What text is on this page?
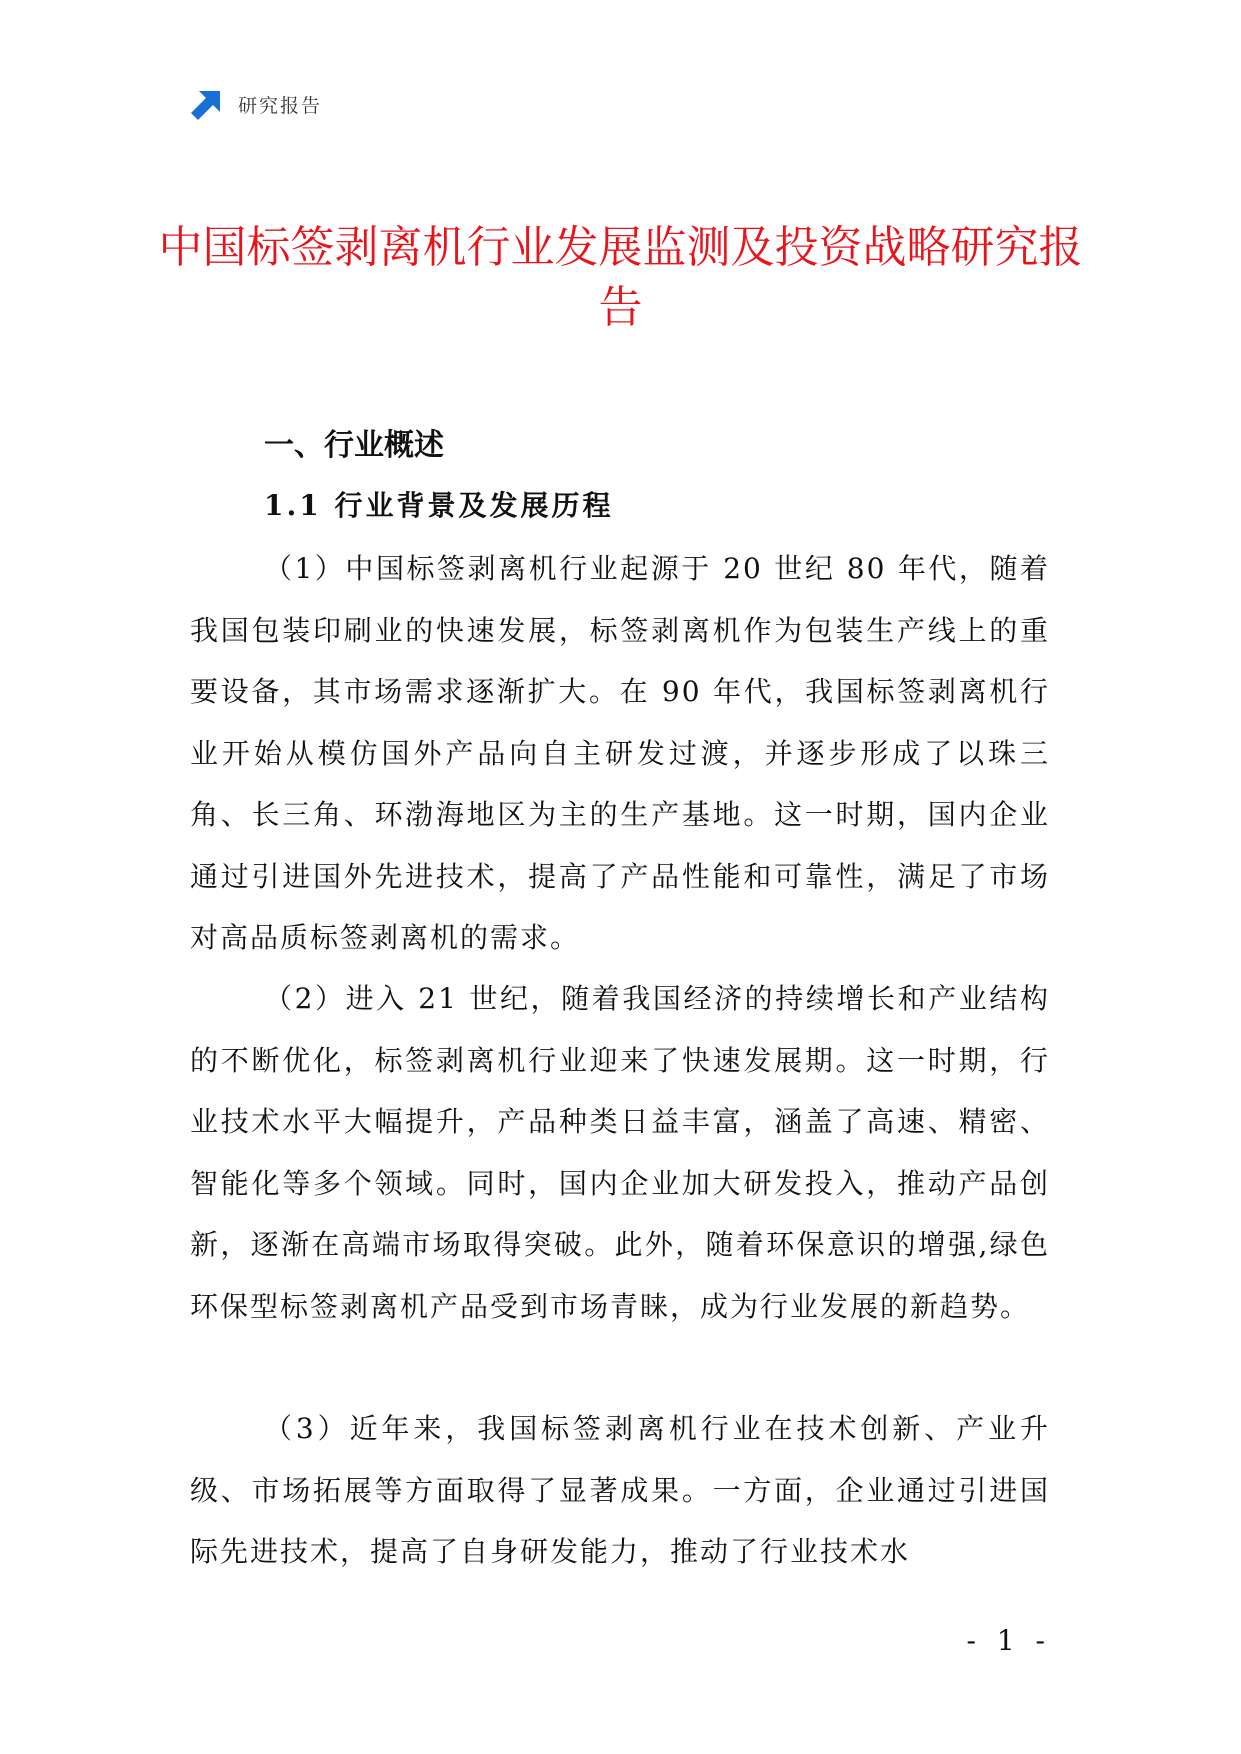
研究报告
中国标签剥离机行业发展监测及投资战略研究报告
一、行业概述
1.1 行业背景及发展历程

（1）中国标签剥离机行业起源于 20 世纪 80 年代，随着我国包装印刷业的快速发展，标签剥离机作为包装生产线上的重要设备，其市场需求逐渐扩大。在 90 年代，我国标签剥离机行业开始从模仿国外产品向自主研发过渡，并逐步形成了以珠三角、长三角、环渤海地区为主的生产基地。这一时期，国内企业通过引进国外先进技术，提高了产品性能和可靠性，满足了市场对高品质标签剥离机的需求。

（2）进入 21 世纪，随着我国经济的持续增长和产业结构的不断优化，标签剥离机行业迎来了快速发展期。这一时期，行业技术水平大幅提升，产品种类日益丰富，涵盖了高速、精密、智能化等多个领域。同时，国内企业加大研发投入，推动产品创新，逐渐在高端市场取得突破。此外，随着环保意识的增强,绿色环保型标签剥离机产品受到市场青睐，成为行业发展的新趋势。

（3）近年来，我国标签剥离机行业在技术创新、产业升级、市场拓展等方面取得了显著成果。一方面，企业通过引进国际先进技术，提高了自身研发能力，推动了行业技术水

- 1 -
